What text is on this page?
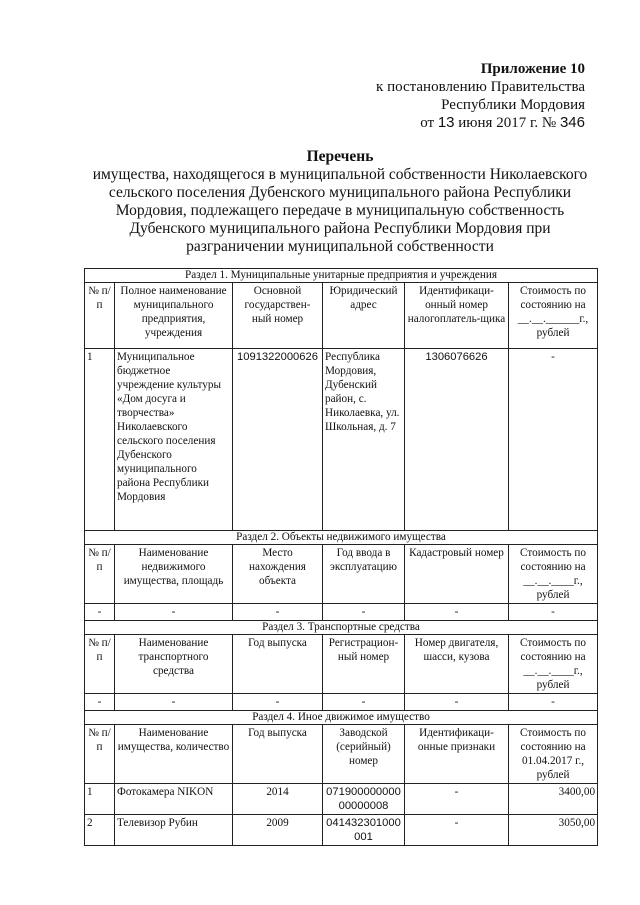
Приложение 10
к постановлению Правительства
Республики Мордовия
от 13 июня 2017 г. № 346
Перечень
имущества, находящегося в муниципальной собственности Николаевского
сельского поселения Дубенского муниципального района Республики
Мордовия, подлежащего передаче в муниципальную собственность
Дубенского муниципального района Республики Мордовия при
разграничении муниципальной собственности
Раздел 1. Муниципальные унитарные предприятия и учреждения					
№ п/п	Полное наименование муниципального предприятия, учреждения	Основной государствен-ный номер	Юридический адрес	Идентификаци-онный номер налогоплатель-щика	Стоимость по состоянию на __.__.______г., рублей
1	Муниципальное бюджетное учреждение культуры «Дом досуга и творчества» Николаевского сельского поселения Дубенского муниципального района Республики Мордовия	1091322000626	Республика Мордовия, Дубенский район, с. Николаевка, ул. Школьная, д. 7	1306076626	-
Раздел 2. Объекты недвижимого имущества					
№ п/п	Наименование недвижимого имущества, площадь	Место нахождения объекта	Год ввода в эксплуатацию	Кадастровый номер	Стоимость по состоянию на __.__.____г., рублей
-	-	-	-	-	-
Раздел 3. Транспортные средства					
№ п/п	Наименование транспортного средства	Год выпуска	Регистрацион-ный номер	Номер двигателя, шасси, кузова	Стоимость по состоянию на __.__.____г., рублей
-	-	-	-	-	-
Раздел 4. Иное движимое имущество					
№ п/п	Наименование имущества, количество	Год выпуска	Заводской (серийный) номер	Идентификаци-онные признаки	Стоимость по состоянию на 01.04.2017 г., рублей
1	Фотокамера NIKON	2014	07190000000000000008	-	3400,00
2	Телевизор Рубин	2009	041432301000001	-	3050,00
